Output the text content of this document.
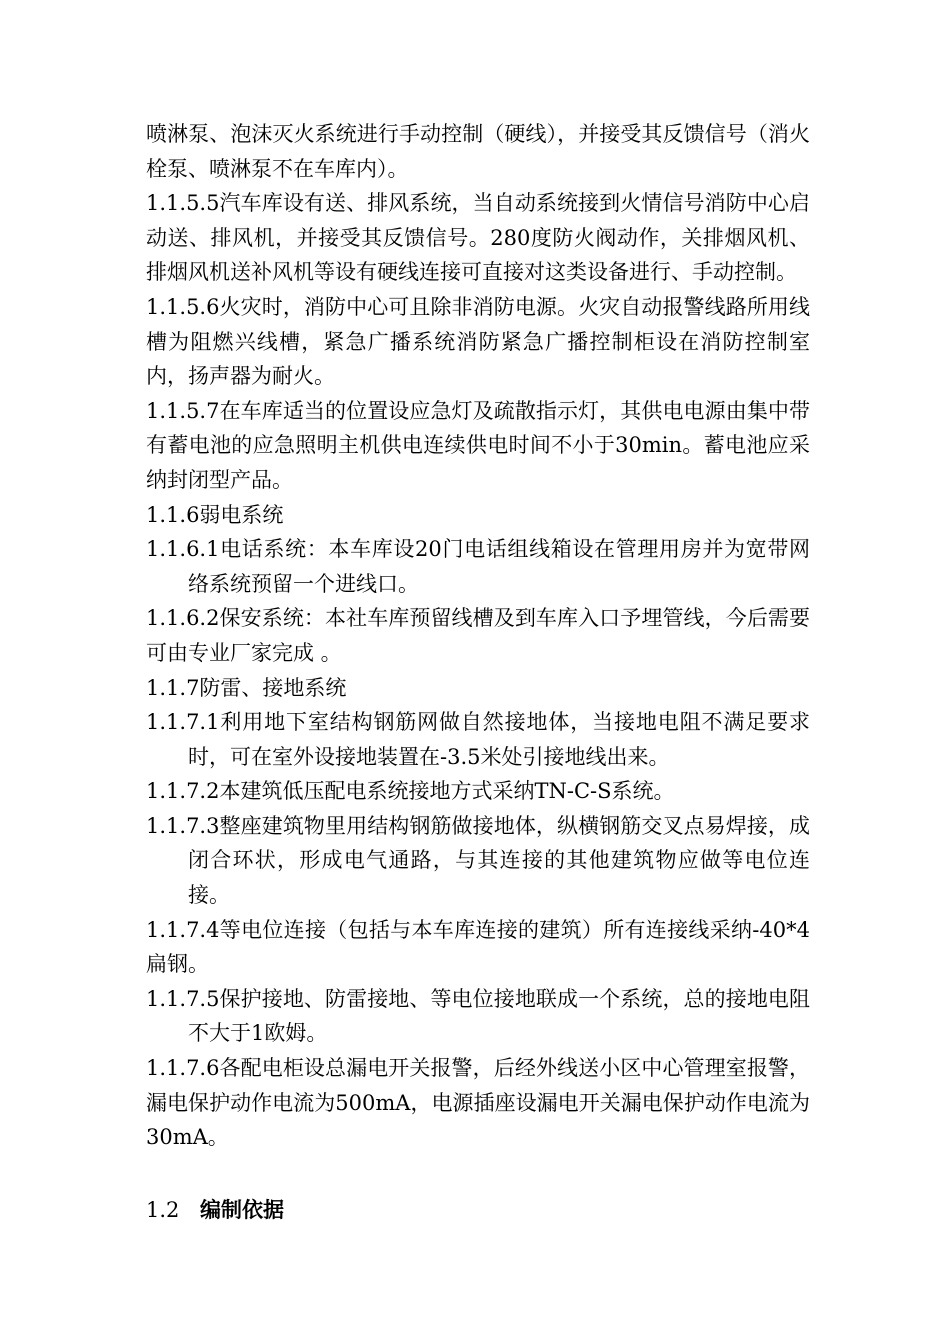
喷淋泵、泡沫灭火系统进行手动控制（硬线），并接受其反馈信号（消火栓泵、喷淋泵不在车库内）。

1.1.5.5汽车库设有送、排风系统，当自动系统接到火情信号消防中心启动送、排风机，并接受其反馈信号。280度防火阀动作，关排烟风机、排烟风机送补风机等设有硬线连接可直接对这类设备进行、手动控制。

1.1.5.6火灾时，消防中心可且除非消防电源。火灾自动报警线路所用线槽为阻燃兴线槽，紧急广播系统消防紧急广播控制柜设在消防控制室内，扬声器为耐火。

1.1.5.7在车库适当的位置设应急灯及疏散指示灯，其供电电源由集中带有蓄电池的应急照明主机供电连续供电时间不小于30min。蓄电池应采纳封闭型产品。

1.1.6弱电系统

1.1.6.1电话系统：本车库设20门电话组线箱设在管理用房并为宽带网络系统预留一个进线口。

1.1.6.2保安系统：本社车库预留线槽及到车库入口予埋管线，今后需要可由专业厂家完成 。

1.1.7防雷、接地系统

1.1.7.1利用地下室结构钢筋网做自然接地体，当接地电阻不满足要求时，可在室外设接地装置在-3.5米处引接地线出来。

1.1.7.2本建筑低压配电系统接地方式采纳TN-C-S系统。

1.1.7.3整座建筑物里用结构钢筋做接地体，纵横钢筋交叉点易焊接，成闭合环状，形成电气通路，与其连接的其他建筑物应做等电位连接。

1.1.7.4等电位连接（包括与本车库连接的建筑）所有连接线采纳-40*4扁钢。

1.1.7.5保护接地、防雷接地、等电位接地联成一个系统，总的接地电阻不大于1欧姆。

1.1.7.6各配电柜设总漏电开关报警，后经外线送小区中心管理室报警，漏电保护动作电流为500mA，电源插座设漏电开关漏电保护动作电流为30mA。

1.2 编制依据
